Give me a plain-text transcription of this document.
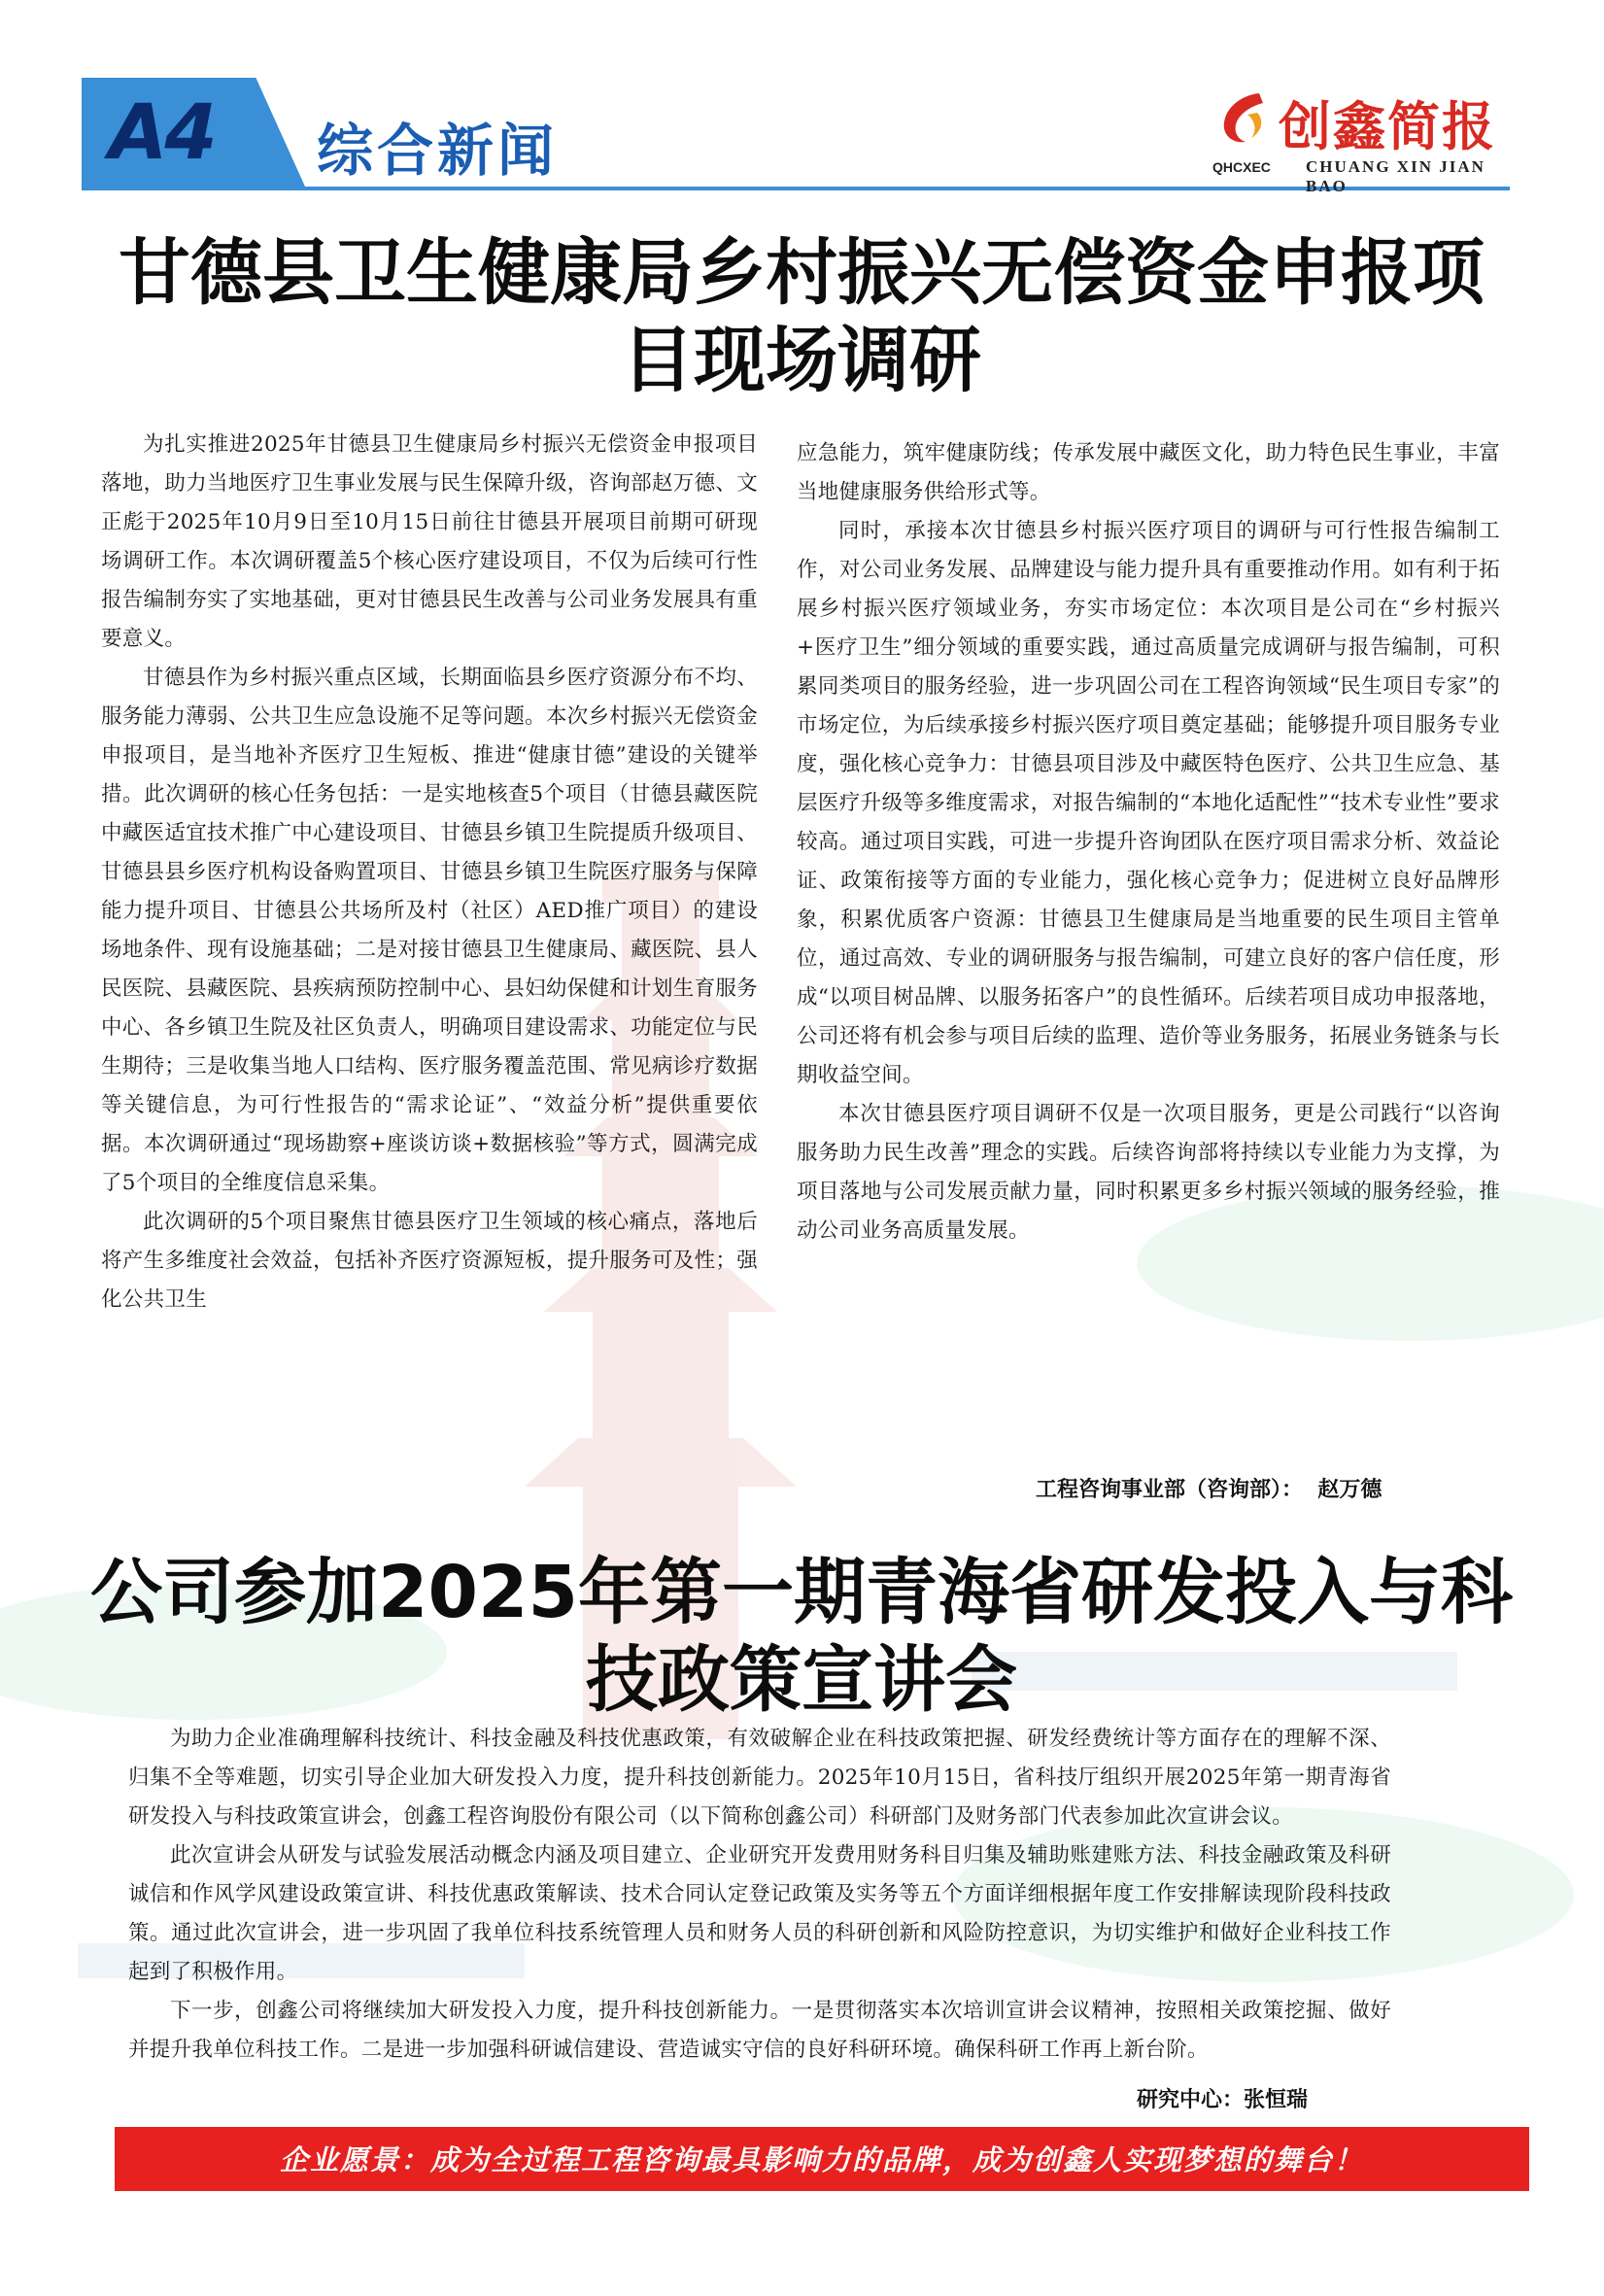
A4 综合新闻	创鑫简报
QHCXEC CHUANG XIN JIAN BAO
甘德县卫生健康局乡村振兴无偿资金申报项目现场调研

为扎实推进2025年甘德县卫生健康局乡村振兴无偿资金申报项目落地，助力当地医疗卫生事业发展与民生保障升级，咨询部赵万德、文正彪于2025年10月9日至10月15日前往甘德县开展项目前期可研现场调研工作。本次调研覆盖5个核心医疗建设项目，不仅为后续可行性报告编制夯实了实地基础，更对甘德县民生改善与公司业务发展具有重要意义。

甘德县作为乡村振兴重点区域，长期面临县乡医疗资源分布不均、服务能力薄弱、公共卫生应急设施不足等问题。本次乡村振兴无偿资金申报项目，是当地补齐医疗卫生短板、推进“健康甘德”建设的关键举措。此次调研的核心任务包括：一是实地核查5个项目（甘德县藏医院中藏医适宜技术推广中心建设项目、甘德县乡镇卫生院提质升级项目、甘德县县乡医疗机构设备购置项目、甘德县乡镇卫生院医疗服务与保障能力提升项目、甘德县公共场所及村（社区）AED推广项目）的建设场地条件、现有设施基础；二是对接甘德县卫生健康局、藏医院、县人民医院、县藏医院、县疾病预防控制中心、县妇幼保健和计划生育服务中心、各乡镇卫生院及社区负责人，明确项目建设需求、功能定位与民生期待；三是收集当地人口结构、医疗服务覆盖范围、常见病诊疗数据等关键信息，为可行性报告的“需求论证”、“效益分析”提供重要依据。本次调研通过“现场勘察+座谈访谈+数据核验”等方式，圆满完成了5个项目的全维度信息采集。

此次调研的5个项目聚焦甘德县医疗卫生领域的核心痛点，落地后将产生多维度社会效益，包括补齐医疗资源短板，提升服务可及性；强化公共卫生

应急能力，筑牢健康防线；传承发展中藏医文化，助力特色民生事业，丰富当地健康服务供给形式等。

同时，承接本次甘德县乡村振兴医疗项目的调研与可行性报告编制工作，对公司业务发展、品牌建设与能力提升具有重要推动作用。如有利于拓展乡村振兴医疗领域业务，夯实市场定位：本次项目是公司在“乡村振兴+医疗卫生”细分领域的重要实践，通过高质量完成调研与报告编制，可积累同类项目的服务经验，进一步巩固公司在工程咨询领域“民生项目专家”的市场定位，为后续承接乡村振兴医疗项目奠定基础；能够提升项目服务专业度，强化核心竞争力：甘德县项目涉及中藏医特色医疗、公共卫生应急、基层医疗升级等多维度需求，对报告编制的“本地化适配性”“技术专业性”要求较高。通过项目实践，可进一步提升咨询团队在医疗项目需求分析、效益论证、政策衔接等方面的专业能力，强化核心竞争力；促进树立良好品牌形象，积累优质客户资源：甘德县卫生健康局是当地重要的民生项目主管单位，通过高效、专业的调研服务与报告编制，可建立良好的客户信任度，形成“以项目树品牌、以服务拓客户”的良性循环。后续若项目成功申报落地，公司还将有机会参与项目后续的监理、造价等业务服务，拓展业务链条与长期收益空间。

本次甘德县医疗项目调研不仅是一次项目服务，更是公司践行“以咨询服务助力民生改善”理念的实践。后续咨询部将持续以专业能力为支撑，为项目落地与公司发展贡献力量，同时积累更多乡村振兴领域的服务经验，推动公司业务高质量发展。

工程咨询事业部（咨询部）：  赵万德
公司参加2025年第一期青海省研发投入与科技政策宣讲会

为助力企业准确理解科技统计、科技金融及科技优惠政策，有效破解企业在科技政策把握、研发经费统计等方面存在的理解不深、归集不全等难题，切实引导企业加大研发投入力度，提升科技创新能力。2025年10月15日，省科技厅组织开展2025年第一期青海省研发投入与科技政策宣讲会，创鑫工程咨询股份有限公司（以下简称创鑫公司）科研部门及财务部门代表参加此次宣讲会议。

此次宣讲会从研发与试验发展活动概念内涵及项目建立、企业研究开发费用财务科目归集及辅助账建账方法、科技金融政策及科研诚信和作风学风建设政策宣讲、科技优惠政策解读、技术合同认定登记政策及实务等五个方面详细根据年度工作安排解读现阶段科技政策。通过此次宣讲会，进一步巩固了我单位科技系统管理人员和财务人员的科研创新和风险防控意识，为切实维护和做好企业科技工作起到了积极作用。

下一步，创鑫公司将继续加大研发投入力度，提升科技创新能力。一是贯彻落实本次培训宣讲会议精神，按照相关政策挖掘、做好并提升我单位科技工作。二是进一步加强科研诚信建设、营造诚实守信的良好科研环境。确保科研工作再上新台阶。

研究中心：张恒瑞
企业愿景：成为全过程工程咨询最具影响力的品牌，成为创鑫人实现梦想的舞台！
